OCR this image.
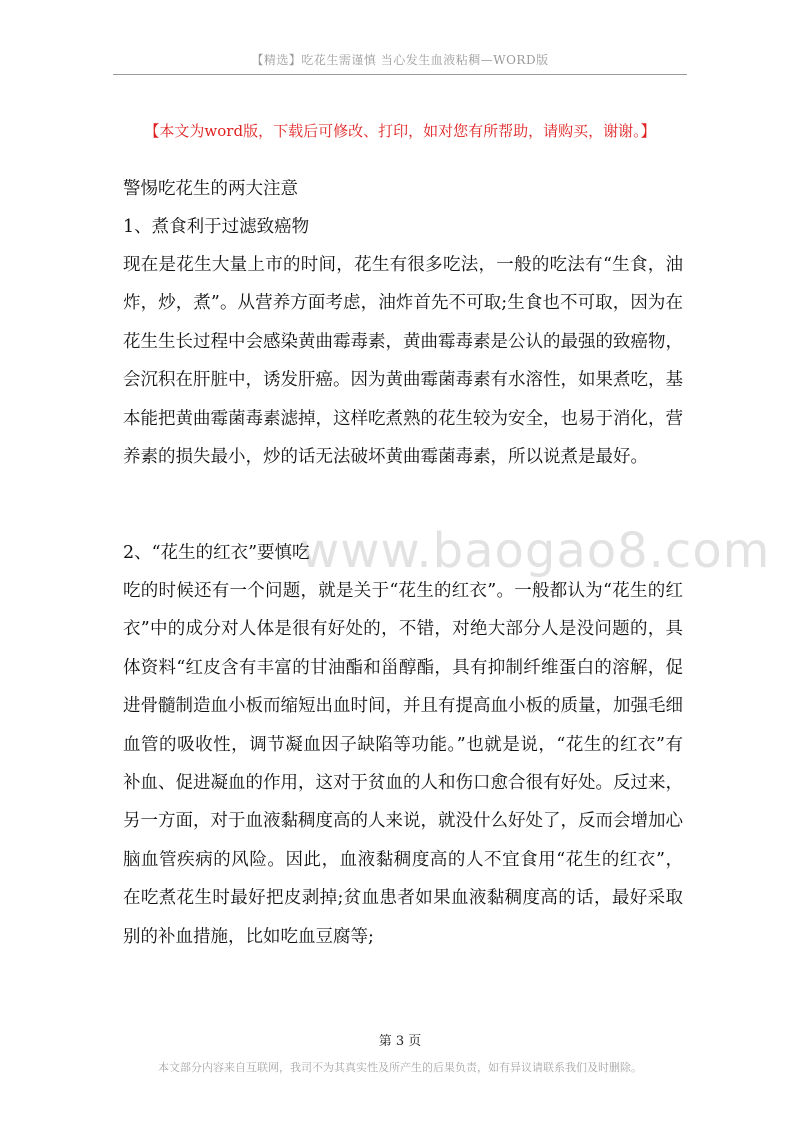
【精选】吃花生需谨慎 当心发生血液粘稠—WORD版
【本文为word版，下载后可修改、打印，如对您有所帮助，请购买，谢谢。】
警惕吃花生的两大注意
1、煮食利于过滤致癌物

现在是花生大量上市的时间，花生有很多吃法，一般的吃法有“生食，油炸，炒，煮”。从营养方面考虑，油炸首先不可取;生食也不可取，因为在花生生长过程中会感染黄曲霉毒素，黄曲霉毒素是公认的最强的致癌物，会沉积在肝脏中，诱发肝癌。因为黄曲霉菌毒素有水溶性，如果煮吃，基本能把黄曲霉菌毒素滤掉，这样吃煮熟的花生较为安全，也易于消化，营养素的损失最小，炒的话无法破坏黄曲霉菌毒素，所以说煮是最好。

www.baogao8.com
2、“花生的红衣”要慎吃

吃的时候还有一个问题，就是关于“花生的红衣”。一般都认为“花生的红衣”中的成分对人体是很有好处的，不错，对绝大部分人是没问题的，具体资料“红皮含有丰富的甘油酯和甾醇酯，具有抑制纤维蛋白的溶解，促进骨髓制造血小板而缩短出血时间，并且有提高血小板的质量，加强毛细血管的吸收性，调节凝血因子缺陷等功能。”也就是说，“花生的红衣”有补血、促进凝血的作用，这对于贫血的人和伤口愈合很有好处。反过来，另一方面，对于血液黏稠度高的人来说，就没什么好处了，反而会增加心脑血管疾病的风险。因此，血液黏稠度高的人不宜食用“花生的红衣”，在吃煮花生时最好把皮剥掉;贫血患者如果血液黏稠度高的话，最好采取别的补血措施，比如吃血豆腐等;

第 3 页
本文部分内容来自互联网，我司不为其真实性及所产生的后果负责，如有异议请联系我们及时删除。
